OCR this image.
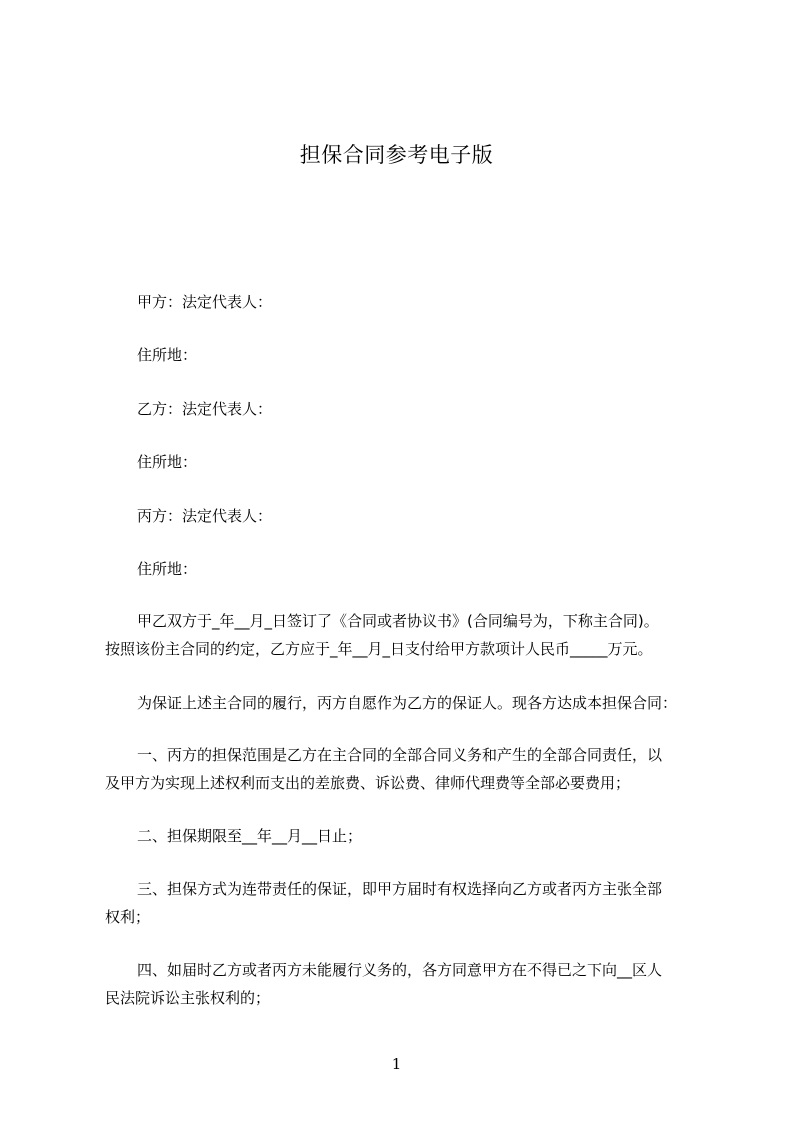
担保合同参考电子版
甲方：法定代表人：
住所地：
乙方：法定代表人：
住所地：
丙方：法定代表人：
住所地：
甲乙双方于_年__月_日签订了《合同或者协议书》(合同编号为，下称主合同)。
按照该份主合同的约定，乙方应于_年__月_日支付给甲方款项计人民币_____万元。
为保证上述主合同的履行，丙方自愿作为乙方的保证人。现各方达成本担保合同：
一、丙方的担保范围是乙方在主合同的全部合同义务和产生的全部合同责任，以
及甲方为实现上述权利而支出的差旅费、诉讼费、律师代理费等全部必要费用；
二、担保期限至__年__月__日止；
三、担保方式为连带责任的保证，即甲方届时有权选择向乙方或者丙方主张全部
权利；
四、如届时乙方或者丙方未能履行义务的，各方同意甲方在不得已之下向__区人
民法院诉讼主张权利的；
1
